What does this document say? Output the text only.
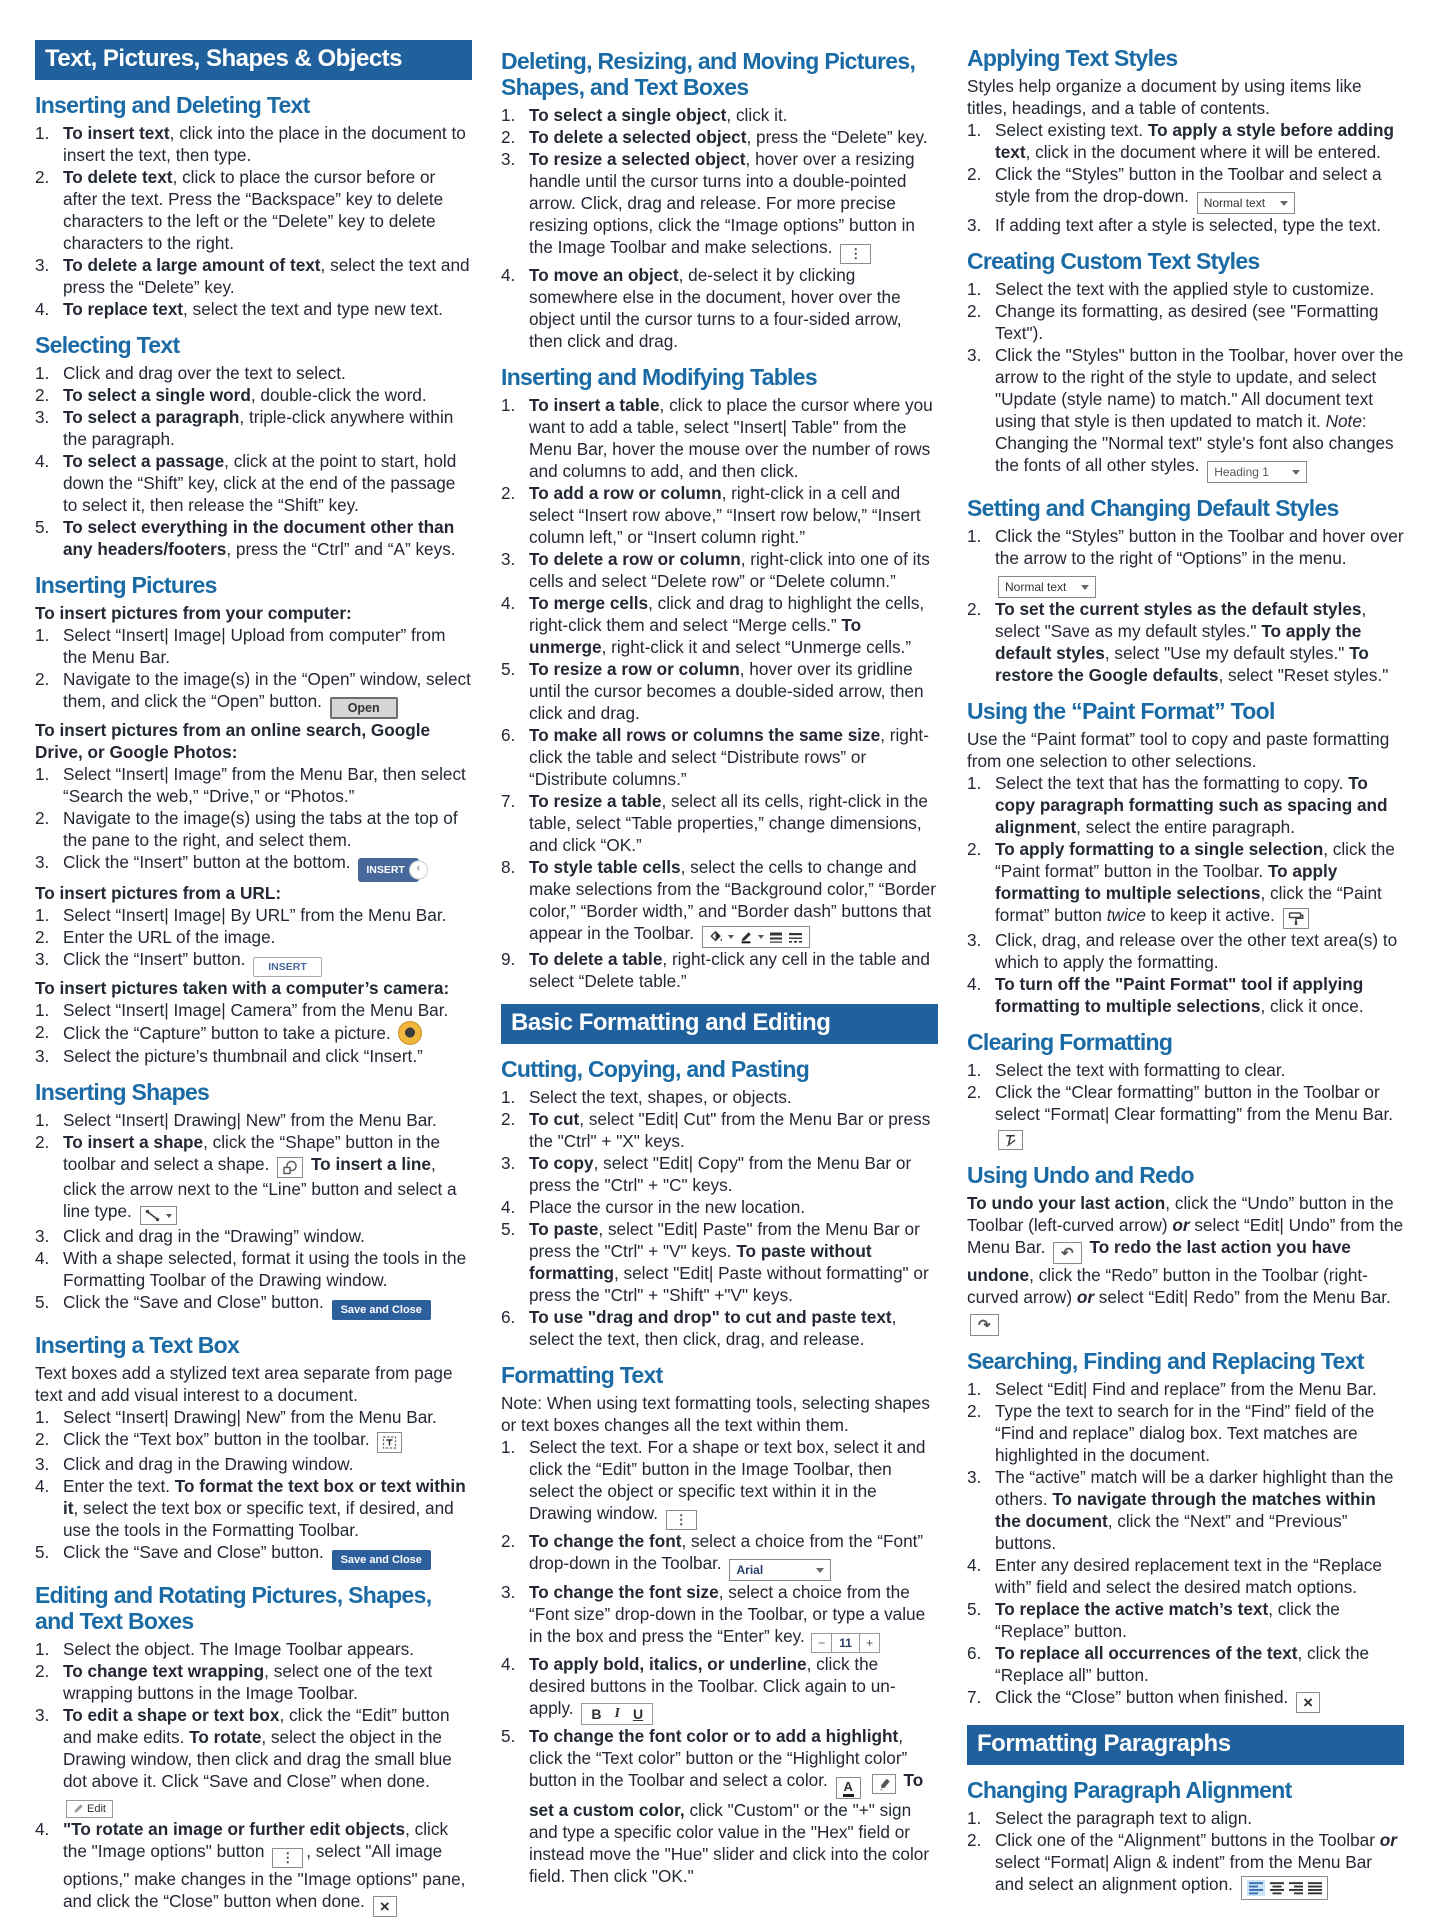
Text, Pictures, Shapes & Objects
Inserting and Deleting Text
1. To insert text, click into the place in the document to insert the text, then type.
2. To delete text, click to place the cursor before or after the text. Press the “Backspace” key to delete characters to the left or the “Delete” key to delete characters to the right.
3. To delete a large amount of text, select the text and press the “Delete” key.
4. To replace text, select the text and type new text.
Selecting Text
1. Click and drag over the text to select.
2. To select a single word, double-click the word.
3. To select a paragraph, triple-click anywhere within the paragraph.
4. To select a passage, click at the point to start, hold down the “Shift” key, click at the end of the passage to select it, then release the “Shift” key.
5. To select everything in the document other than any headers/footers, press the “Ctrl” and “A” keys.
Inserting Pictures
To insert pictures from your computer:
1. Select “Insert| Image| Upload from computer” from the Menu Bar.
2. Navigate to the image(s) in the “Open” window, select them, and click the “Open” button. Open
To insert pictures from an online search, Google Drive, or Google Photos:
1. Select “Insert| Image” from the Menu Bar, then select “Search the web,” “Drive,” or “Photos.”
2. Navigate to the image(s) using the tabs at the top of the pane to the right, and select them.
3. Click the “Insert” button at the bottom. INSERT	‹
To insert pictures from a URL:
1. Select “Insert| Image| By URL” from the Menu Bar.
2. Enter the URL of the image.
3. Click the “Insert” button. INSERT
To insert pictures taken with a computer’s camera:
1. Select “Insert| Image| Camera” from the Menu Bar.
2. Click the “Capture” button to take a picture.
3. Select the picture’s thumbnail and click “Insert.”
Inserting Shapes
1. Select “Insert| Drawing| New” from the Menu Bar.
2. To insert a shape, click the “Shape” button in the toolbar and select a shape.
To insert a line, click the arrow next to the “Line” button and select a line type.
3. Click and drag in the “Drawing” window.
4. With a shape selected, format it using the tools in the Formatting Toolbar of the Drawing window.
5. Click the “Save and Close” button. Save and Close
Inserting a Text Box
Text boxes add a stylized text area separate from page text and add visual interest to a document.
1. Select “Insert| Drawing| New” from the Menu Bar.
2. Click the “Text box” button in the toolbar.
3. Click and drag in the Drawing window.
4. Enter the text. To format the text box or text within it, select the text box or specific text, if desired, and use the tools in the Formatting Toolbar.
5. Click the “Save and Close” button. Save and Close
Editing and Rotating Pictures, Shapes, and Text Boxes
1. Select the object. The Image Toolbar appears.
2. To change text wrapping, select one of the text wrapping buttons in the Image Toolbar.
3. To edit a shape or text box, click the “Edit” button and make edits. To rotate, select the object in the Drawing window, then click and drag the small blue dot above it. Click “Save and Close” when done.
Edit
4. "To rotate an image or further edit objects, click the "Image options" button ⋮ , select "All image options," make changes in the "Image options" pane, and click the “Close” button when done. ×
Deleting, Resizing, and Moving Pictures, Shapes, and Text Boxes
1. To select a single object, click it.
2. To delete a selected object, press the “Delete” key.
3. To resize a selected object, hover over a resizing handle until the cursor turns into a double-pointed arrow. Click, drag and release. For more precise resizing options, click the “Image options” button in the Image Toolbar and make selections. ⋮
4. To move an object, de-select it by clicking somewhere else in the document, hover over the object until the cursor turns to a four-sided arrow, then click and drag.
Inserting and Modifying Tables
1. To insert a table, click to place the cursor where you want to add a table, select "Insert| Table" from the Menu Bar, hover the mouse over the number of rows and columns to add, and then click.
2. To add a row or column, right-click in a cell and select “Insert row above,” “Insert row below,” “Insert column left,” or “Insert column right.”
3. To delete a row or column, right-click into one of its cells and select “Delete row” or “Delete column.”
4. To merge cells, click and drag to highlight the cells, right-click them and select “Merge cells.” To unmerge, right-click it and select “Unmerge cells.”
5. To resize a row or column, hover over its gridline until the cursor becomes a double-sided arrow, then click and drag.
6. To make all rows or columns the same size, right-click the table and select “Distribute rows” or “Distribute columns.”
7. To resize a table, select all its cells, right-click in the table, select “Table properties,” change dimensions, and click “OK.”
8. To style table cells, select the cells to change and make selections from the “Background color,” “Border color,” “Border width,” and “Border dash” buttons that appear in the Toolbar.
9. To delete a table, right-click any cell in the table and select “Delete table.”
Basic Formatting and Editing
Cutting, Copying, and Pasting
1. Select the text, shapes, or objects.
2. To cut, select "Edit| Cut" from the Menu Bar or press the "Ctrl" + "X" keys.
3. To copy, select "Edit| Copy" from the Menu Bar or press the "Ctrl" + "C" keys.
4. Place the cursor in the new location.
5. To paste, select "Edit| Paste" from the Menu Bar or press the "Ctrl" + "V" keys. To paste without formatting, select "Edit| Paste without formatting" or press the "Ctrl" + "Shift" +"V" keys.
6. To use "drag and drop" to cut and paste text, select the text, then click, drag, and release.
Formatting Text
Note: When using text formatting tools, selecting shapes or text boxes changes all the text within them.
1. Select the text. For a shape or text box, select it and click the “Edit” button in the Image Toolbar, then select the object or specific text within it in the Drawing window. ⋮
2. To change the font, select a choice from the “Font” drop-down in the Toolbar. Arial
3. To change the font size, select a choice from the “Font size” drop-down in the Toolbar, or type a value in the box and press the “Enter” key. −	11	+
4. To apply bold, italics, or underline, click the desired buttons in the Toolbar. Click again to un-apply. B I U
5. To change the font color or to add a highlight, click the “Text color” button or the “Highlight color” button in the Toolbar and select a color. A
	To set a custom color, click "Custom" or the "+" sign and type a specific color value in the "Hex" field or instead move the "Hue" slider and click into the color field. Then click "OK."
Applying Text Styles
Styles help organize a document by using items like titles, headings, and a table of contents.
1. Select existing text. To apply a style before adding text, click in the document where it will be entered.
2. Click the “Styles” button in the Toolbar and select a style from the drop-down. Normal text
3. If adding text after a style is selected, type the text.
Creating Custom Text Styles
1. Select the text with the applied style to customize.
2. Change its formatting, as desired (see "Formatting Text").
3. Click the "Styles" button in the Toolbar, hover over the arrow to the right of the style to update, and select "Update (style name) to match." All document text using that style is then updated to match it. Note: Changing the "Normal text" style's font also changes the fonts of all other styles. Heading 1
Setting and Changing Default Styles
1. Click the “Styles” button in the Toolbar and hover over the arrow to the right of “Options” in the menu.
Normal text
2. To set the current styles as the default styles, select "Save as my default styles." To apply the default styles, select "Use my default styles." To restore the Google defaults, select "Reset styles."
Using the “Paint Format” Tool
Use the “Paint format” tool to copy and paste formatting from one selection to other selections.
1. Select the text that has the formatting to copy. To copy paragraph formatting such as spacing and alignment, select the entire paragraph.
2. To apply formatting to a single selection, click the “Paint format” button in the Toolbar. To apply formatting to multiple selections, click the “Paint format” button twice to keep it active.
3. Click, drag, and release over the other text area(s) to which to apply the formatting.
4. To turn off the "Paint Format" tool if applying formatting to multiple selections, click it once.
Clearing Formatting
1. Select the text with formatting to clear.
2. Click the “Clear formatting” button in the Toolbar or select “Format| Clear formatting” from the Menu Bar.
Using Undo and Redo
To undo your last action, click the “Undo” button in the Toolbar (left-curved arrow) or select “Edit| Undo” from the Menu Bar. ↶ To redo the last action you have undone, click the “Redo” button in the Toolbar (right-curved arrow) or select “Edit| Redo” from the Menu Bar.
↷
Searching, Finding and Replacing Text
1. Select “Edit| Find and replace” from the Menu Bar.
2. Type the text to search for in the “Find” field of the “Find and replace” dialog box. Text matches are highlighted in the document.
3. The “active” match will be a darker highlight than the others. To navigate through the matches within the document, click the “Next” and “Previous” buttons.
4. Enter any desired replacement text in the “Replace with” field and select the desired match options.
5. To replace the active match’s text, click the “Replace” button.
6. To replace all occurrences of the text, click the “Replace all” button.
7. Click the “Close” button when finished. ×
Formatting Paragraphs
Changing Paragraph Alignment
1. Select the paragraph text to align.
2. Click one of the “Alignment” buttons in the Toolbar or select “Format| Align & indent” from the Menu Bar and select an alignment option.
